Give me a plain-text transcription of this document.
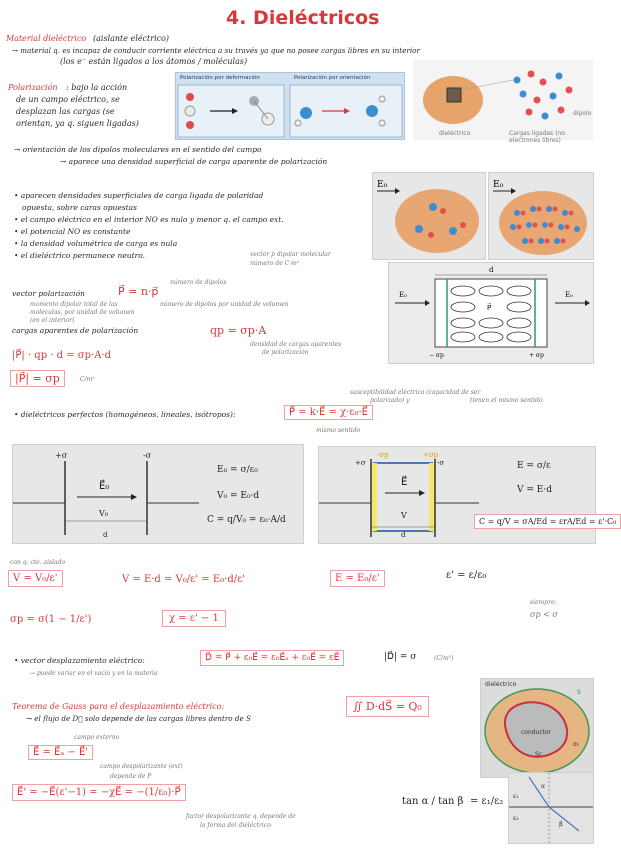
4. Dieléctricos
Material dieléctrico (aislante eléctrico)
→ material q. es incapaz de conducir corriente eléctrica a su través ya que no posee cargas libres en su interior
(los e⁻ están ligados a los átomos / moléculas)
Polarización : bajo la acción
de un campo eléctrico, se
desplazan las cargas (se
orientan, ya q. siguen ligadas)
Polarización por deformación	Polarización por orientación
dieléctrico	Cargas ligadas (no electrones libres)
dipolo
→ orientación de los dipolos moleculares en el sentido del campo
→ aparece una densidad superficial de carga aparente de polarización
E₀	E₀
• aparecen densidades superficiales de carga ligada de polaridad
opuesta, sobre caras opuestas
• el campo eléctrico en el interior NO es nulo y menor q. el campo ext.
• el potencial NO es constante
• la densidad volumétrica de carga es nula
• el dieléctrico permanece neutro.
d
E₀	E₀
P⃗
− σp	+ σp
vector p dipolar molecular
número de C·m²
número de dipolos
vector polarización	P⃗ = n·p⃗
número de dipolos por unidad de volumen
momento dipolar total de las
moléculas, por unidad de volumen
(en el interior)
cargas aparentes de polarización	qp = σp·A
densidad de cargas aparentes
de polarización
|P⃗| · qp · d = σp·A·d
|P⃗| = σp	C/m²
• dieléctricos perfectos (homogéneos, lineales, isótropos):	P⃗ = k·E⃗ = χ·ε₀·E⃗
susceptibilidad eléctrica (capacidad de ser
polarizado) y	tienen el mismo sentido
mismo sentido
+σ	-σ
E⃗₀
V₀
d
E₀ = σ/ε₀
V₀ = E₀·d
C = q/V₀ = ε₀·A/d
+σ	-σ
-σp	+σp
E⃗
V
d
E = σ/ε
V = E·d
C = q/V = σA/Ed = εrA/Ed = ε'·C₀
con q. cte. aislado
V = V₀/ε'	V = E·d = V₀/ε' = E₀·d/ε'	E = E₀/ε'	ε' = ε/ε₀
σp = σ(1 − 1/ε')	χ = ε' − 1
siempre:
σp < σ
• vector desplazamiento eléctrico:	D⃗ = P⃗ + ε₀E⃗ = ε₀E⃗ₐ + ε₀E⃗ = εE⃗
→ puede variar en el vacío y en la materia
|D⃗| = σ	(C/m²)
Teorema de Gauss para el desplazamiento eléctrico:
→ el flujo de D⃗ solo depende de las cargas libres dentro de S
∬ D·dS⃗ = Q₀
dieléctrico
S
conductor
Sc
σ₁
campo externo
E⃗ = E⃗ₐ − E⃗'
campo despolarizante (ext)
depende de P
E⃗' = −E⃗(ε'−1) = −χE⃗ = −(1/ε₀)·P⃗
factor despolarizante q. depende de
la forma del dieléctrico
tan α / tan β = ε₁/ε₂ ε₁
ε₂
α
β
